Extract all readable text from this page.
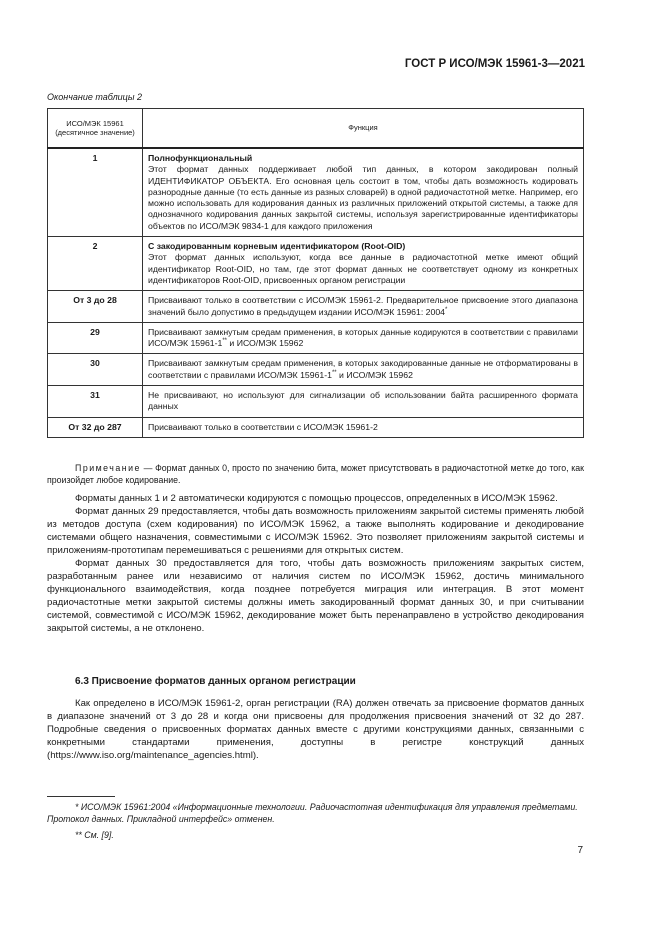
ГОСТ Р ИСО/МЭК 15961-3—2021
Окончание таблицы 2
ИСО/МЭК 15961 (десятичное значение)	Функция
1	Полнофункциональный
Этот формат данных поддерживает любой тип данных, в котором закодирован полный ИДЕНТИФИКАТОР ОБЪЕКТА. Его основная цель состоит в том, чтобы дать возможность кодировать разнородные данные (то есть данные из разных словарей) в одной радиочастотной метке. Например, его можно использовать для кодирования данных из различных приложений открытой системы, а также для однозначного кодирования данных закрытой системы, используя зарегистрированные идентификаторы объектов по ИСО/МЭК 9834-1 для каждого приложения

2	С закодированным корневым идентификатором (Root-OID)
Этот формат данных используют, когда все данные в радиочастотной метке имеют общий идентификатор Root-OID, но там, где этот формат данных не соответствует одному из конкретных идентификаторов Root-OID, присвоенных органом регистрации

От 3 до 28	Присваивают только в соответствии с ИСО/МЭК 15961-2. Предварительное присвоение этого диапазона значений было допустимо в предыдущем издании ИСО/МЭК 15961: 2004*
29	Присваивают замкнутым средам применения, в которых данные кодируются в соответствии с правилами ИСО/МЭК 15961-1** и ИСО/МЭК 15962
30	Присваивают замкнутым средам применения, в которых закодированные данные не отформатированы в соответствии с правилами ИСО/МЭК 15961-1** и ИСО/МЭК 15962
31	Не присваивают, но используют для сигнализации об использовании байта расширенного формата данных
От 32 до 287	Присваивают только в соответствии с ИСО/МЭК 15961-2

Примечание — Формат данных 0, просто по значению бита, может присутствовать в радиочастотной метке до того, как произойдет любое кодирование.

Форматы данных 1 и 2 автоматически кодируются с помощью процессов, определенных в ИСО/МЭК 15962.

Формат данных 29 предоставляется, чтобы дать возможность приложениям закрытой системы применять любой из методов доступа (схем кодирования) по ИСО/МЭК 15962, а также выполнять кодирование и декодирование системами общего назначения, совместимыми с ИСО/МЭК 15962. Это позволяет приложениям закрытой системы и приложениям-прототипам перемешиваться с решениями для открытых систем.

Формат данных 30 предоставляется для того, чтобы дать возможность приложениям закрытых систем, разработанным ранее или независимо от наличия систем по ИСО/МЭК 15962, достичь минимального функционального взаимодействия, когда позднее потребуется миграция или интеграция. В этот момент радиочастотные метки закрытой системы должны иметь закодированный формат данных 30, и при считывании системой, совместимой с ИСО/МЭК 15962, декодирование может быть перенаправлено в устройство декодирования закрытой системы, а не отклонено.

6.3 Присвоение форматов данных органом регистрации

Как определено в ИСО/МЭК 15961-2, орган регистрации (RA) должен отвечать за присвоение форматов данных в диапазоне значений от 3 до 28 и когда они присвоены для продолжения присвоения значений от 32 до 287. Подробные сведения о присвоенных форматах данных вместе с другими конструкциями данных, связанными с конкретными стандартами применения, доступны в регистре конструкций данных (https://www.iso.org/maintenance_agencies.html).

* ИСО/МЭК 15961:2004 «Информационные технологии. Радиочастотная идентификация для управления предметами. Протокол данных. Прикладной интерфейс» отменен.

** См. [9].

7
